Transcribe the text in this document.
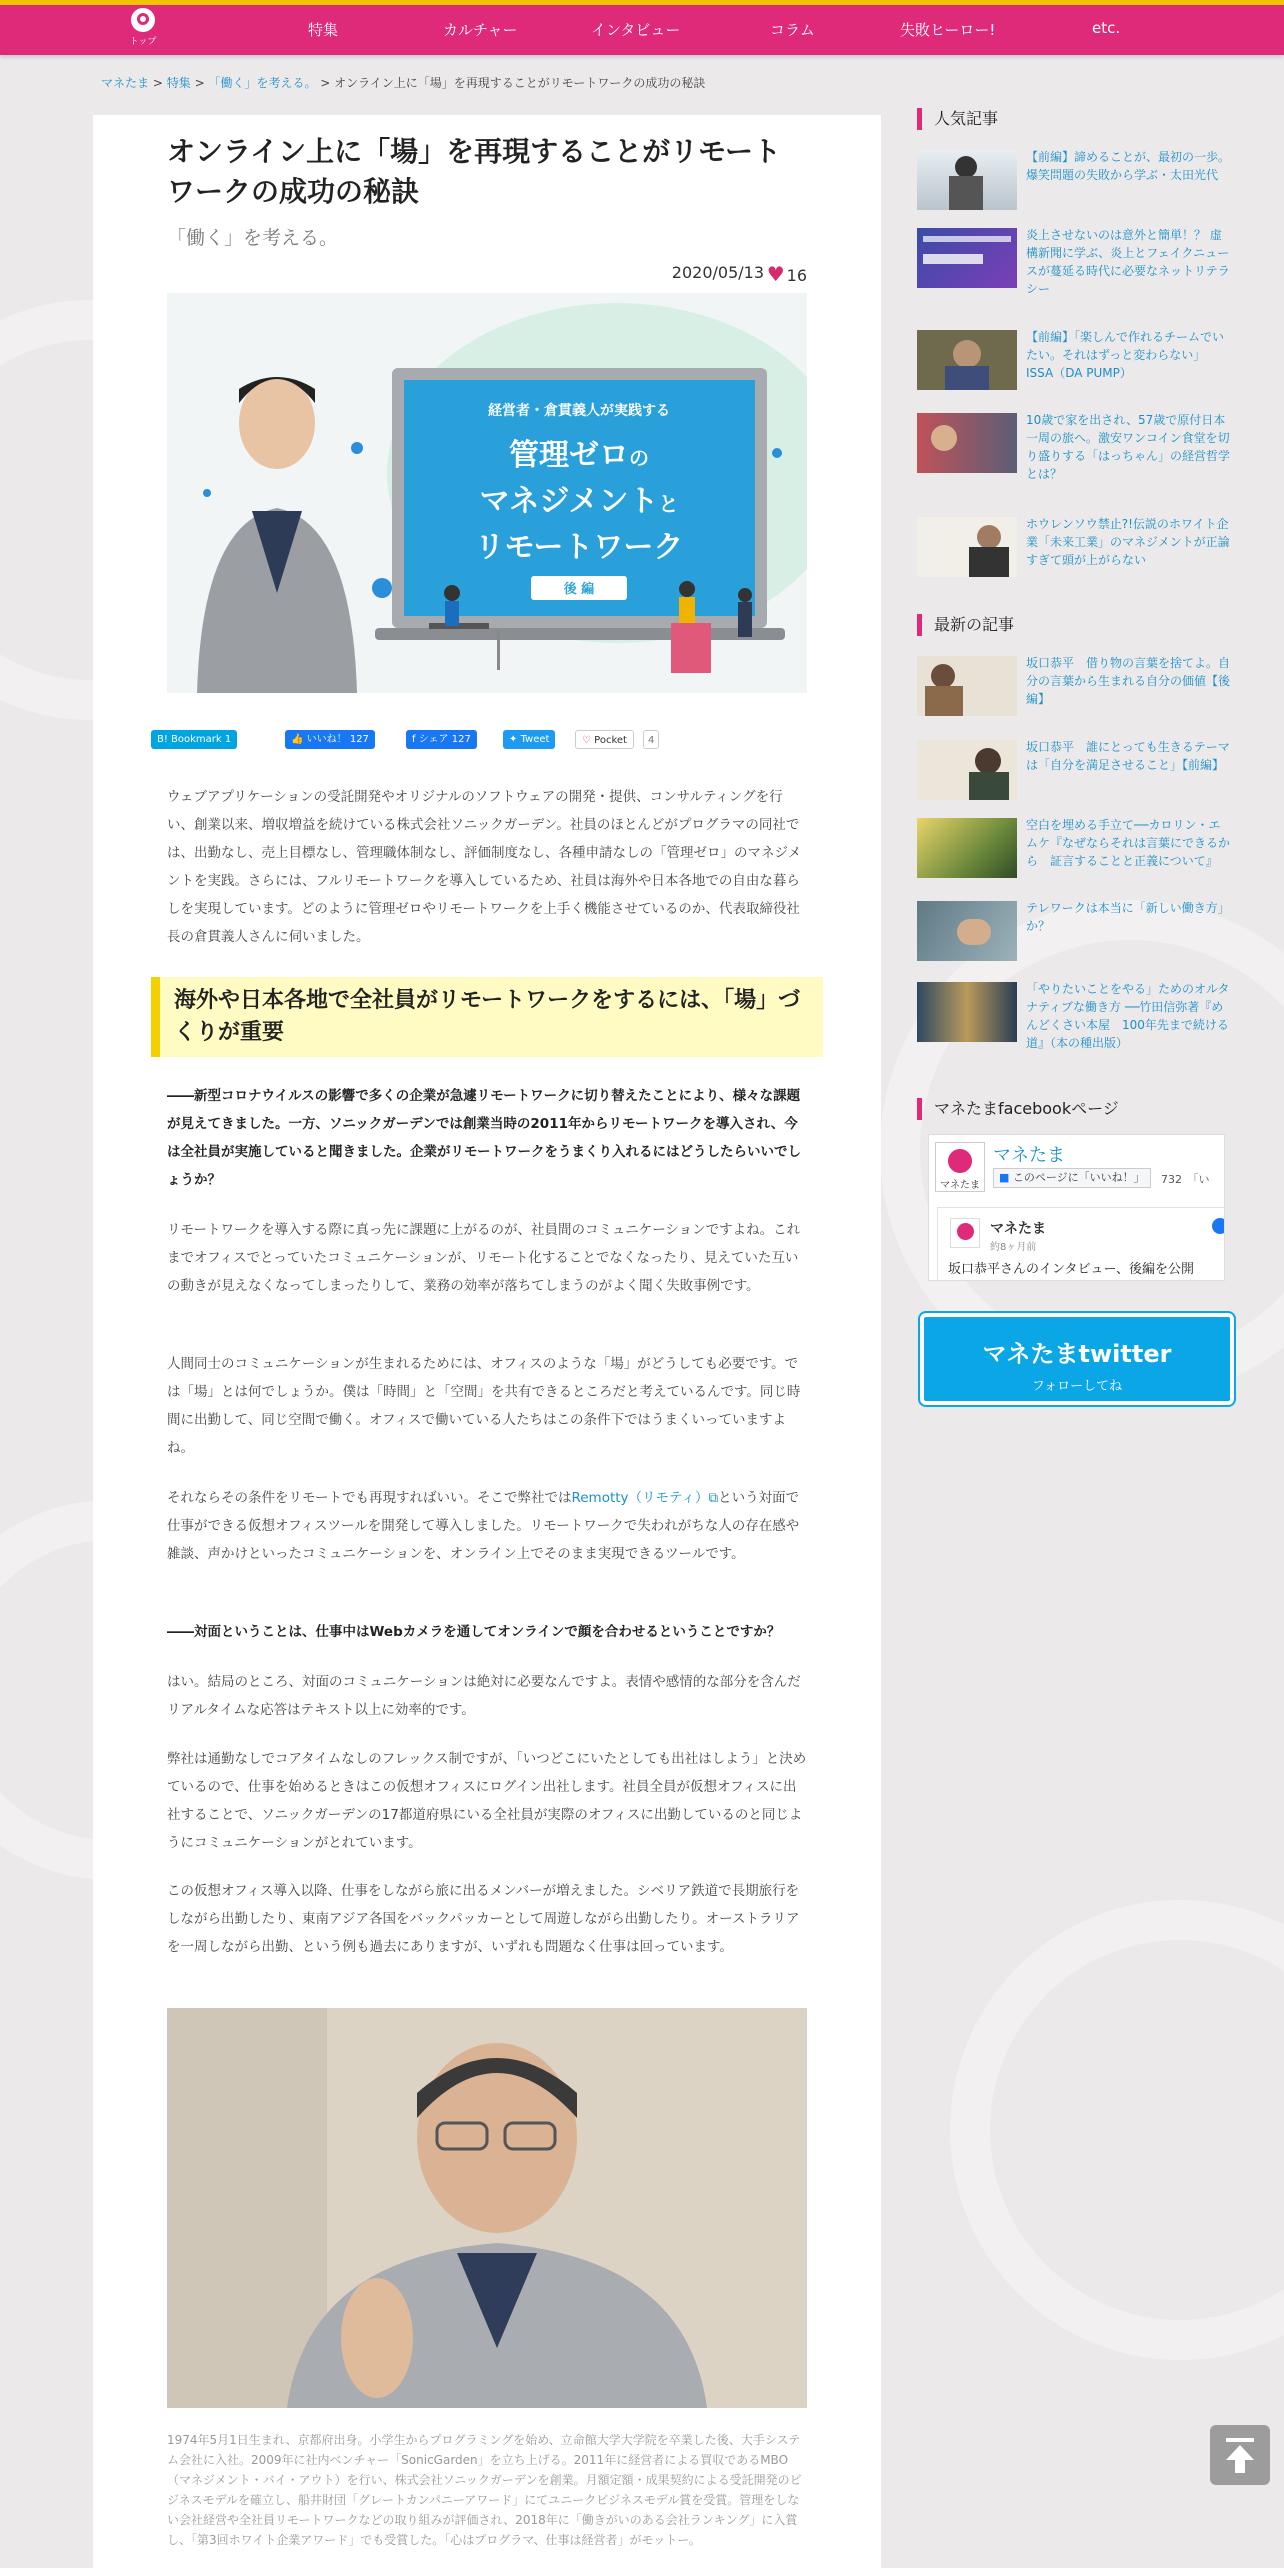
トップ
特集	カルチャー	インタビュー	コラム	失敗ヒーロー!	etc.
マネたま > 特集 > 「働く」を考える。 > オンライン上に「場」を再現することがリモートワークの成功の秘訣
オンライン上に「場」を再現することがリモートワークの成功の秘訣
「働く」を考える。
2020/05/13 ♥ 16
経営者・倉貫義人が実践する
管理ゼロの
マネジメントと
リモートワーク
後 編
B! Bookmark 1	👍 いいね！ 127	f シェア 127	✦ Tweet	♡ Pocket	4

ウェブアプリケーションの受託開発やオリジナルのソフトウェアの開発・提供、コンサルティングを行い、創業以来、増収増益を続けている株式会社ソニックガーデン。社員のほとんどがプログラマの同社では、出勤なし、売上目標なし、管理職体制なし、評価制度なし、各種申請なしの「管理ゼロ」のマネジメントを実践。さらには、フルリモートワークを導入しているため、社員は海外や日本各地での自由な暮らしを実現しています。どのように管理ゼロやリモートワークを上手く機能させているのか、代表取締役社長の倉貫義人さんに伺いました。

海外や日本各地で全社員がリモートワークをするには、「場」づくりが重要

――新型コロナウイルスの影響で多くの企業が急遽リモートワークに切り替えたことにより、様々な課題が見えてきました。一方、ソニックガーデンでは創業当時の2011年からリモートワークを導入され、今は全社員が実施していると聞きました。企業がリモートワークをうまくり入れるにはどうしたらいいでしょうか？

リモートワークを導入する際に真っ先に課題に上がるのが、社員間のコミュニケーションですよね。これまでオフィスでとっていたコミュニケーションが、リモート化することでなくなったり、見えていた互いの動きが見えなくなってしまったりして、業務の効率が落ちてしまうのがよく聞く失敗事例です。

人間同士のコミュニケーションが生まれるためには、オフィスのような「場」がどうしても必要です。では「場」とは何でしょうか。僕は「時間」と「空間」を共有できるところだと考えているんです。同じ時間に出勤して、同じ空間で働く。オフィスで働いている人たちはこの条件下ではうまくいっていますよね。

それならその条件をリモートでも再現すればいい。そこで弊社ではRemotty（リモティ）⧉という対面で仕事ができる仮想オフィスツールを開発して導入しました。リモートワークで失われがちな人の存在感や雑談、声かけといったコミュニケーションを、オンライン上でそのまま実現できるツールです。

――対面ということは、仕事中はWebカメラを通してオンラインで顔を合わせるということですか？

はい。結局のところ、対面のコミュニケーションは絶対に必要なんですよ。表情や感情的な部分を含んだリアルタイムな応答はテキスト以上に効率的です。

弊社は通勤なしでコアタイムなしのフレックス制ですが、「いつどこにいたとしても出社はしよう」と決めているので、仕事を始めるときはこの仮想オフィスにログイン出社します。社員全員が仮想オフィスに出社することで、ソニックガーデンの17都道府県にいる全社員が実際のオフィスに出勤しているのと同じようにコミュニケーションがとれています。

この仮想オフィス導入以降、仕事をしながら旅に出るメンバーが増えました。シベリア鉄道で長期旅行をしながら出勤したり、東南アジア各国をバックパッカーとして周遊しながら出勤したり。オーストラリアを一周しながら出勤、という例も過去にありますが、いずれも問題なく仕事は回っています。

1974年5月1日生まれ、京都府出身。小学生からプログラミングを始め、立命館大学大学院を卒業した後、大手システム会社に入社。2009年に社内ベンチャー「SonicGarden」を立ち上げる。2011年に経営者による買収であるMBO（マネジメント・バイ・アウト）を行い、株式会社ソニックガーデンを創業。月額定額・成果契約による受託開発のビジネスモデルを確立し、船井財団「グレートカンパニーアワード」にてユニークビジネスモデル賞を受賞。管理をしない会社経営や全社員リモートワークなどの取り組みが評価され、2018年に「働きがいのある会社ランキング」に入賞し、「第3回ホワイト企業アワード」でも受賞した。「心はプログラマ、仕事は経営者」がモットー。

人気記事
【前編】諦めることが、最初の一歩。爆笑問題の失敗から学ぶ・太田光代
炎上させないのは意外と簡単！？ 虚構新聞に学ぶ、炎上とフェイクニュースが蔓延る時代に必要なネットリテラシー
【前編】「楽しんで作れるチームでいたい。それはずっと変わらない」ISSA（DA PUMP）
10歳で家を出され、57歳で原付日本一周の旅へ。激安ワンコイン食堂を切り盛りする「はっちゃん」の経営哲学とは？
ホウレンソウ禁止?!伝説のホワイト企業「未来工業」のマネジメントが正論すぎて頭が上がらない
最新の記事
坂口恭平　借り物の言葉を捨てよ。自分の言葉から生まれる自分の価値【後編】
坂口恭平　誰にとっても生きるテーマは「自分を満足させること」【前編】
空白を埋める手立て──カロリン・エムケ『なぜならそれは言葉にできるから　証言することと正義について』
テレワークは本当に「新しい働き方」か？
「やりたいことをやる」ためのオルタナティブな働き方 ──竹田信弥著『めんどくさい本屋　100年先まで続ける道』（本の種出版）
マネたまfacebookページ
マネたま
マネたま
■ このページに「いいね！」	732　 「い
マネたま
約8ヶ月前
坂口恭平さんのインタビュー、後編を公開
マネたまtwitter
フォローしてね
